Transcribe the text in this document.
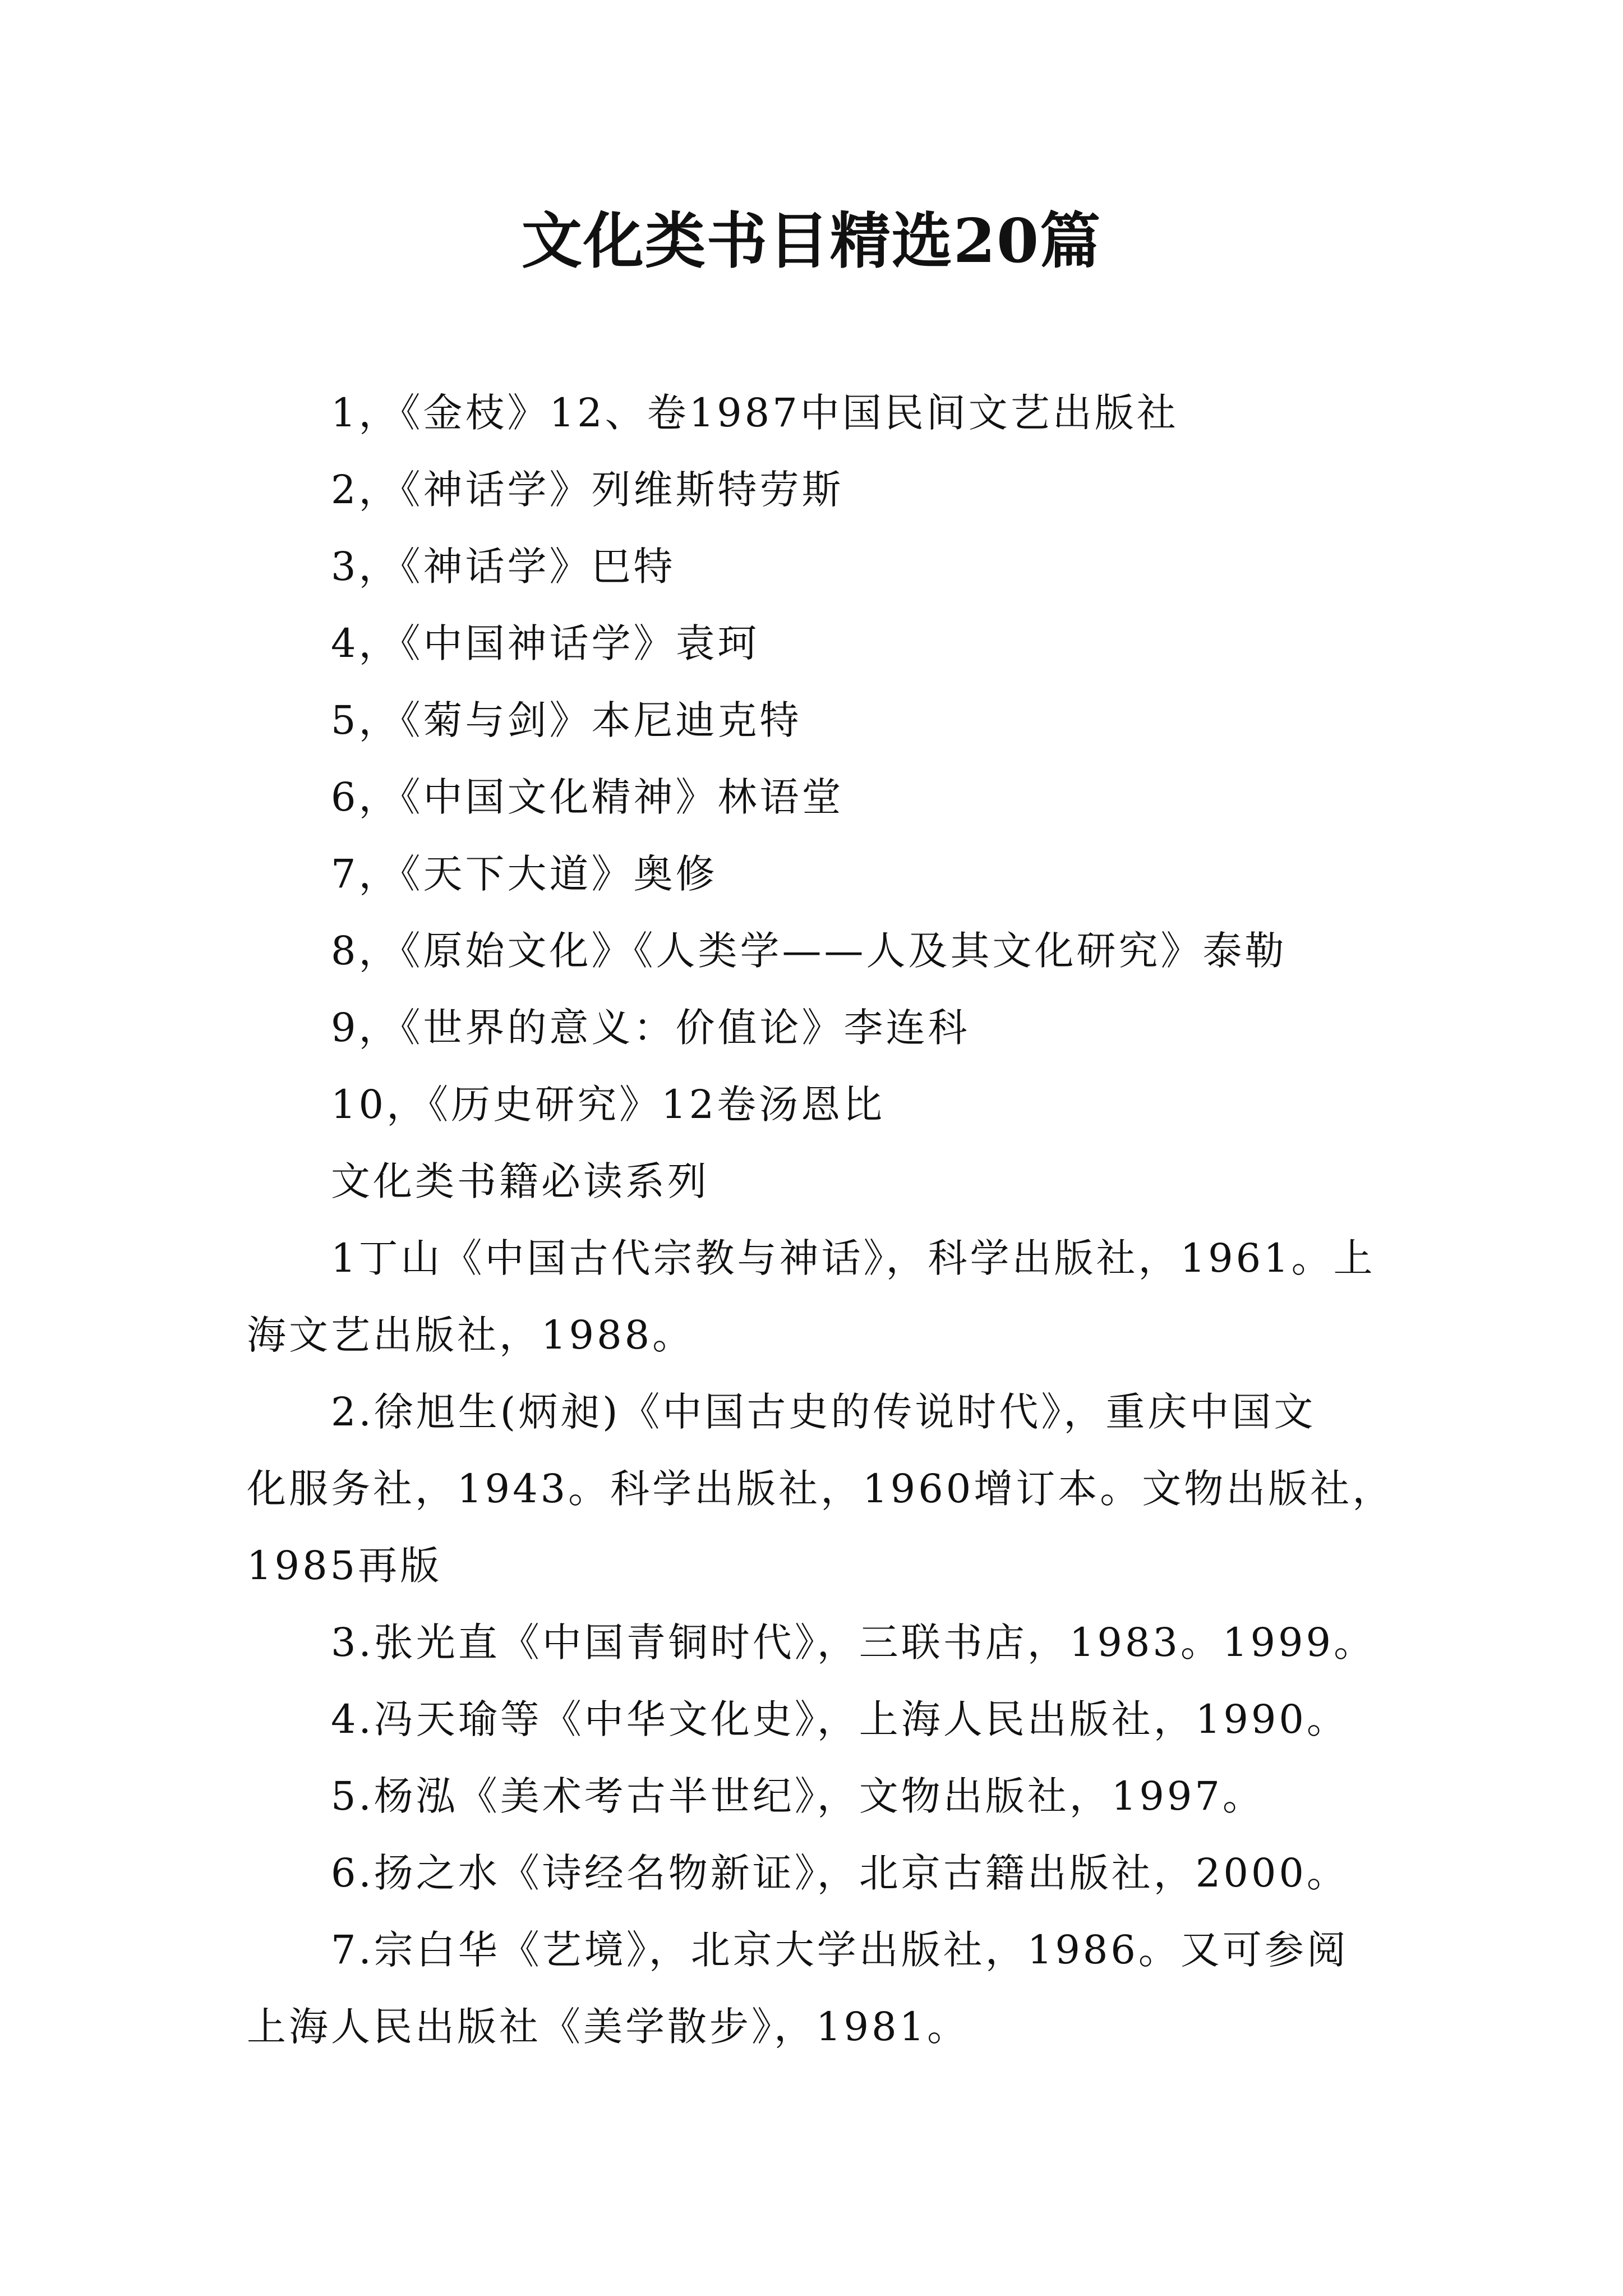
文化类书目精选20篇
1，《金枝》12、卷1987中国民间文艺出版社
2，《神话学》列维斯特劳斯
3，《神话学》巴特
4，《中国神话学》袁珂
5，《菊与剑》本尼迪克特
6，《中国文化精神》林语堂
7，《天下大道》奥修
8，《原始文化》《人类学——人及其文化研究》泰勒
9，《世界的意义：价值论》李连科
10，《历史研究》12卷汤恩比
文化类书籍必读系列
1丁山《中国古代宗教与神话》，科学出版社，1961。上
海文艺出版社，1988。
2.徐旭生(炳昶)《中国古史的传说时代》，重庆中国文
化服务社，1943。科学出版社，1960增订本。文物出版社，
1985再版
3.张光直《中国青铜时代》，三联书店，1983。1999。
4.冯天瑜等《中华文化史》，上海人民出版社，1990。
5.杨泓《美术考古半世纪》，文物出版社，1997。
6.扬之水《诗经名物新证》，北京古籍出版社，2000。
7.宗白华《艺境》，北京大学出版社，1986。又可参阅
上海人民出版社《美学散步》，1981。
